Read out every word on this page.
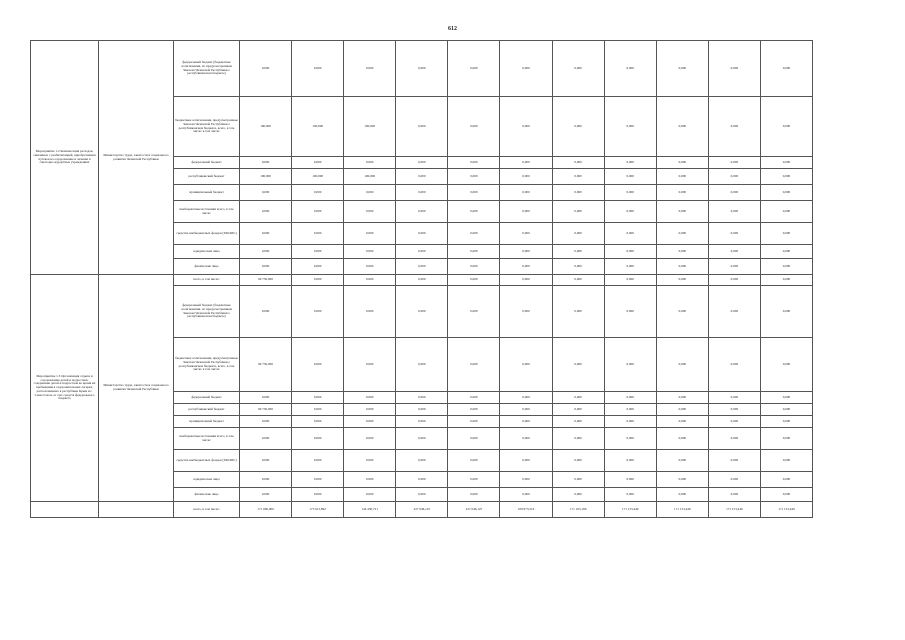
612
Мероприятие 1.2 Компенсация расходов, связанных с реабилитацией, приобретением путевок на оздоровление и лечение в санаторно-курортных учреждениях	Министерство труда, занятости и социального развития Чеченской Республики	федеральный бюджет (бюджетные ассигнования, по предусмотренным Законом Чеченской Республики о республиканском бюджете)	0,000	0,000	0,000	0,000	0,000	0,000	0,000	0,000	0,000	0,000	0,000
		бюджетные ассигнования, предусмотренные Законом Чеченской Республики о республиканском бюджете, всего, в том числе: в том числе:	100,000	100,000	100,000	0,000	0,000	0,000	0,000	0,000	0,000	0,000	0,000
		федеральный бюджет	0,000	0,000	0,000	0,000	0,000	0,000	0,000	0,000	0,000	0,000	0,000
		республиканский бюджет	100,000	100,000	100,000	0,000	0,000	0,000	0,000	0,000	0,000	0,000	0,000
		муниципальный бюджет	0,000	0,000	0,000	0,000	0,000	0,000	0,000	0,000	0,000	0,000	0,000
		внебюджетные источники всего, в том числе:	0,000	0,000	0,000	0,000	0,000	0,000	0,000	0,000	0,000	0,000	0,000
		средства внебюджетных фондов (ТФОМС)	0,000	0,000	0,000	0,000	0,000	0,000	0,000	0,000	0,000	0,000	0,000
		юридические лица	0,000	0,000	0,000	0,000	0,000	0,000	0,000	0,000	0,000	0,000	0,000
		физические лица	0,000	0,000	0,000	0,000	0,000	0,000	0,000	0,000	0,000	0,000	0,000
Мероприятие 1.3 Организация отдыха и оздоровления детей и подростков, содержание детей и подростков во время их пребывания в оздоровительных лагерях, расположенных в республике Крым и г. Севастополь за счет средств федерального бюджета	Министерство труда, занятости и социального развития Чеченской Республики	всего, в том числе:	99 750,000	0,000	0,000	0,000	0,000	0,000	0,000	0,000	0,000	0,000	0,000
		федеральный бюджет (бюджетные ассигнования, по предусмотренным Законом Чеченской Республики о республиканском бюджете)	0,000	0,000	0,000	0,000	0,000	0,000	0,000	0,000	0,000	0,000	0,000
		бюджетные ассигнования, предусмотренные Законом Чеченской Республики о республиканском бюджете, всего, в том числе: в том числе:	99 750,000	0,000	0,000	0,000	0,000	0,000	0,000	0,000	0,000	0,000	0,000
		федеральный бюджет	0,000	0,000	0,000	0,000	0,000	0,000	0,000	0,000	0,000	0,000	0,000
		республиканский бюджет	99 750,000	0,000	0,000	0,000	0,000	0,000	0,000	0,000	0,000	0,000	0,000
		муниципальный бюджет	0,000	0,000	0,000	0,000	0,000	0,000	0,000	0,000	0,000	0,000	0,000
		внебюджетные источники всего, в том числе:	0,000	0,000	0,000	0,000	0,000	0,000	0,000	0,000	0,000	0,000	0,000
		средства внебюджетных фондов (ТФОМС)	0,000	0,000	0,000	0,000	0,000	0,000	0,000	0,000	0,000	0,000	0,000
		юридические лица	0,000	0,000	0,000	0,000	0,000	0,000	0,000	0,000	0,000	0,000	0,000
		физические лица	0,000	0,000	0,000	0,000	0,000	0,000	0,000	0,000	0,000	0,000	0,000
		всего, в том числе:	171 000,000	175 915,892	144 430,721	227 046,125	227 046,125	169 973,316	171 163,196	171 153,449	171 153,449	171 153,449	171 153,449
